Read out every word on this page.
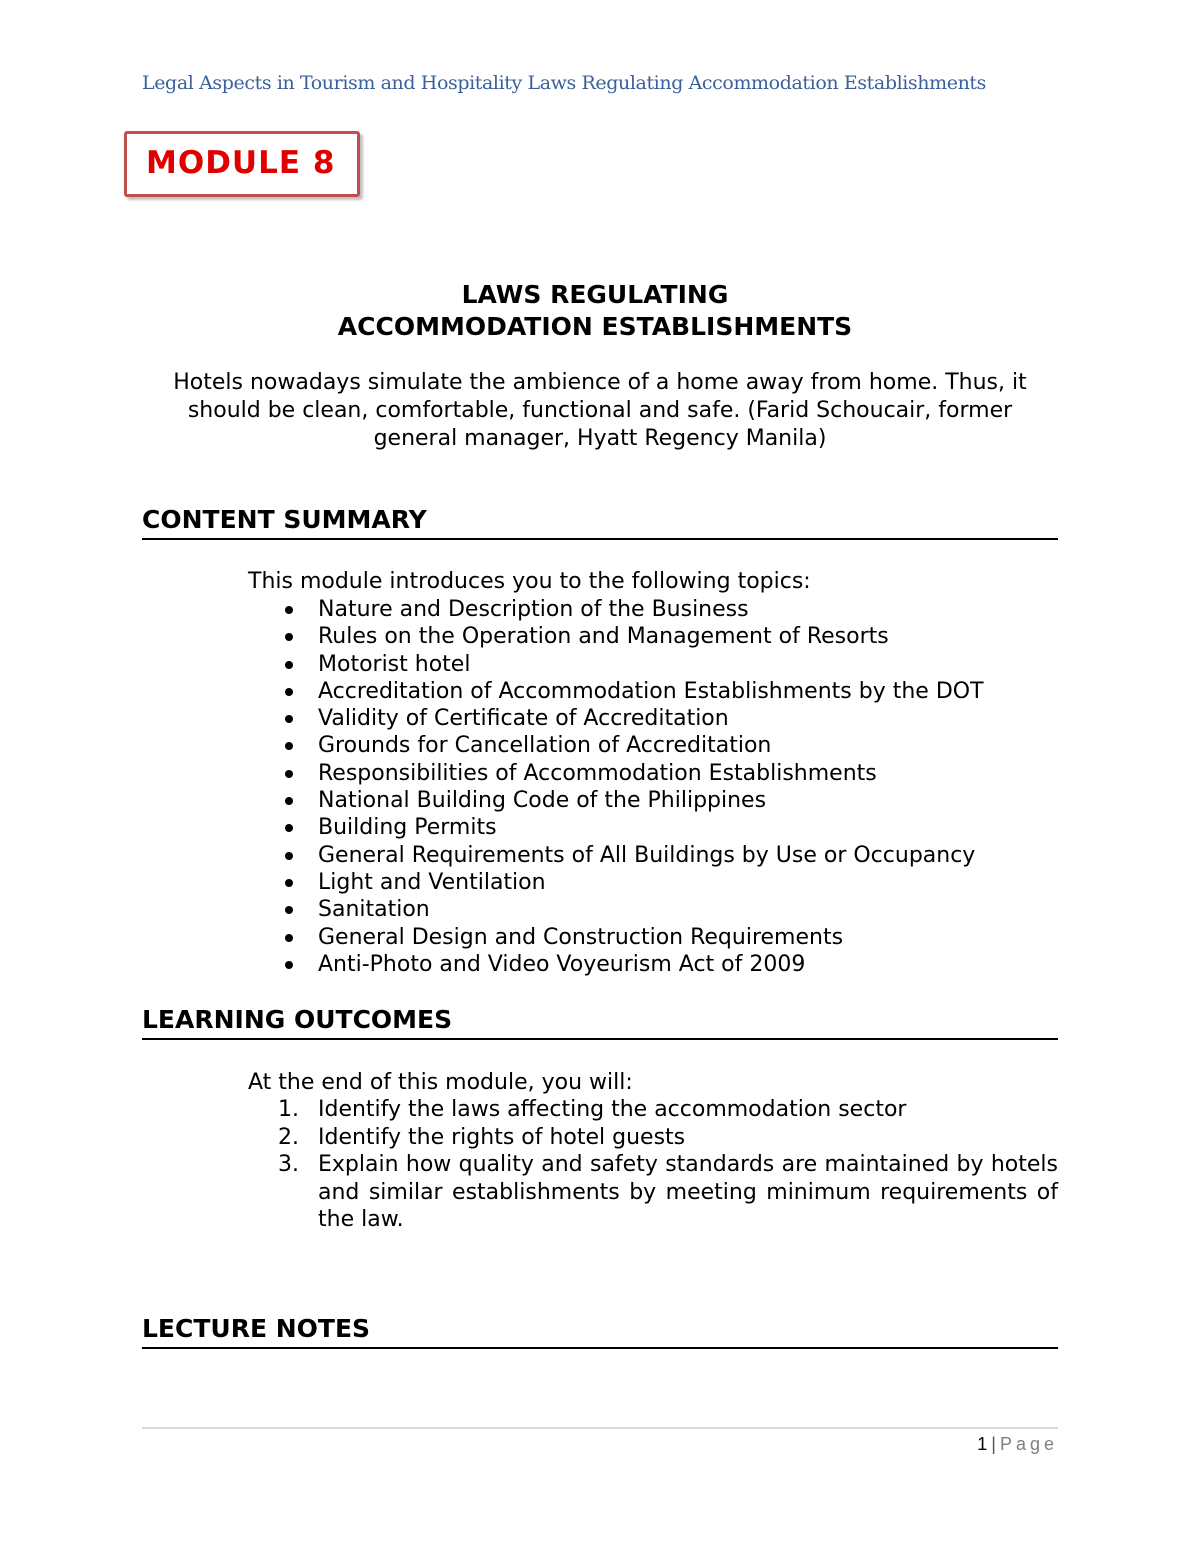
Legal Aspects in Tourism and Hospitality Laws Regulating Accommodation Establishments
MODULE 8
LAWS REGULATING
ACCOMMODATION ESTABLISHMENTS
Hotels nowadays simulate the ambience of a home away from home. Thus, it
should be clean, comfortable, functional and safe. (Farid Schoucair, former
general manager, Hyatt Regency Manila)
CONTENT SUMMARY
This module introduces you to the following topics:
Nature and Description of the Business
Rules on the Operation and Management of Resorts
Motorist hotel
Accreditation of Accommodation Establishments by the DOT
Validity of Certificate of Accreditation
Grounds for Cancellation of Accreditation
Responsibilities of Accommodation Establishments
National Building Code of the Philippines
Building Permits
General Requirements of All Buildings by Use or Occupancy
Light and Ventilation
Sanitation
General Design and Construction Requirements
Anti-Photo and Video Voyeurism Act of 2009
LEARNING OUTCOMES
At the end of this module, you will:
1. Identify the laws affecting the accommodation sector
2. Identify the rights of hotel guests
3. Explain how quality and safety standards are maintained by hotels and similar establishments by meeting minimum requirements of the law.
LECTURE NOTES
1 | Page
